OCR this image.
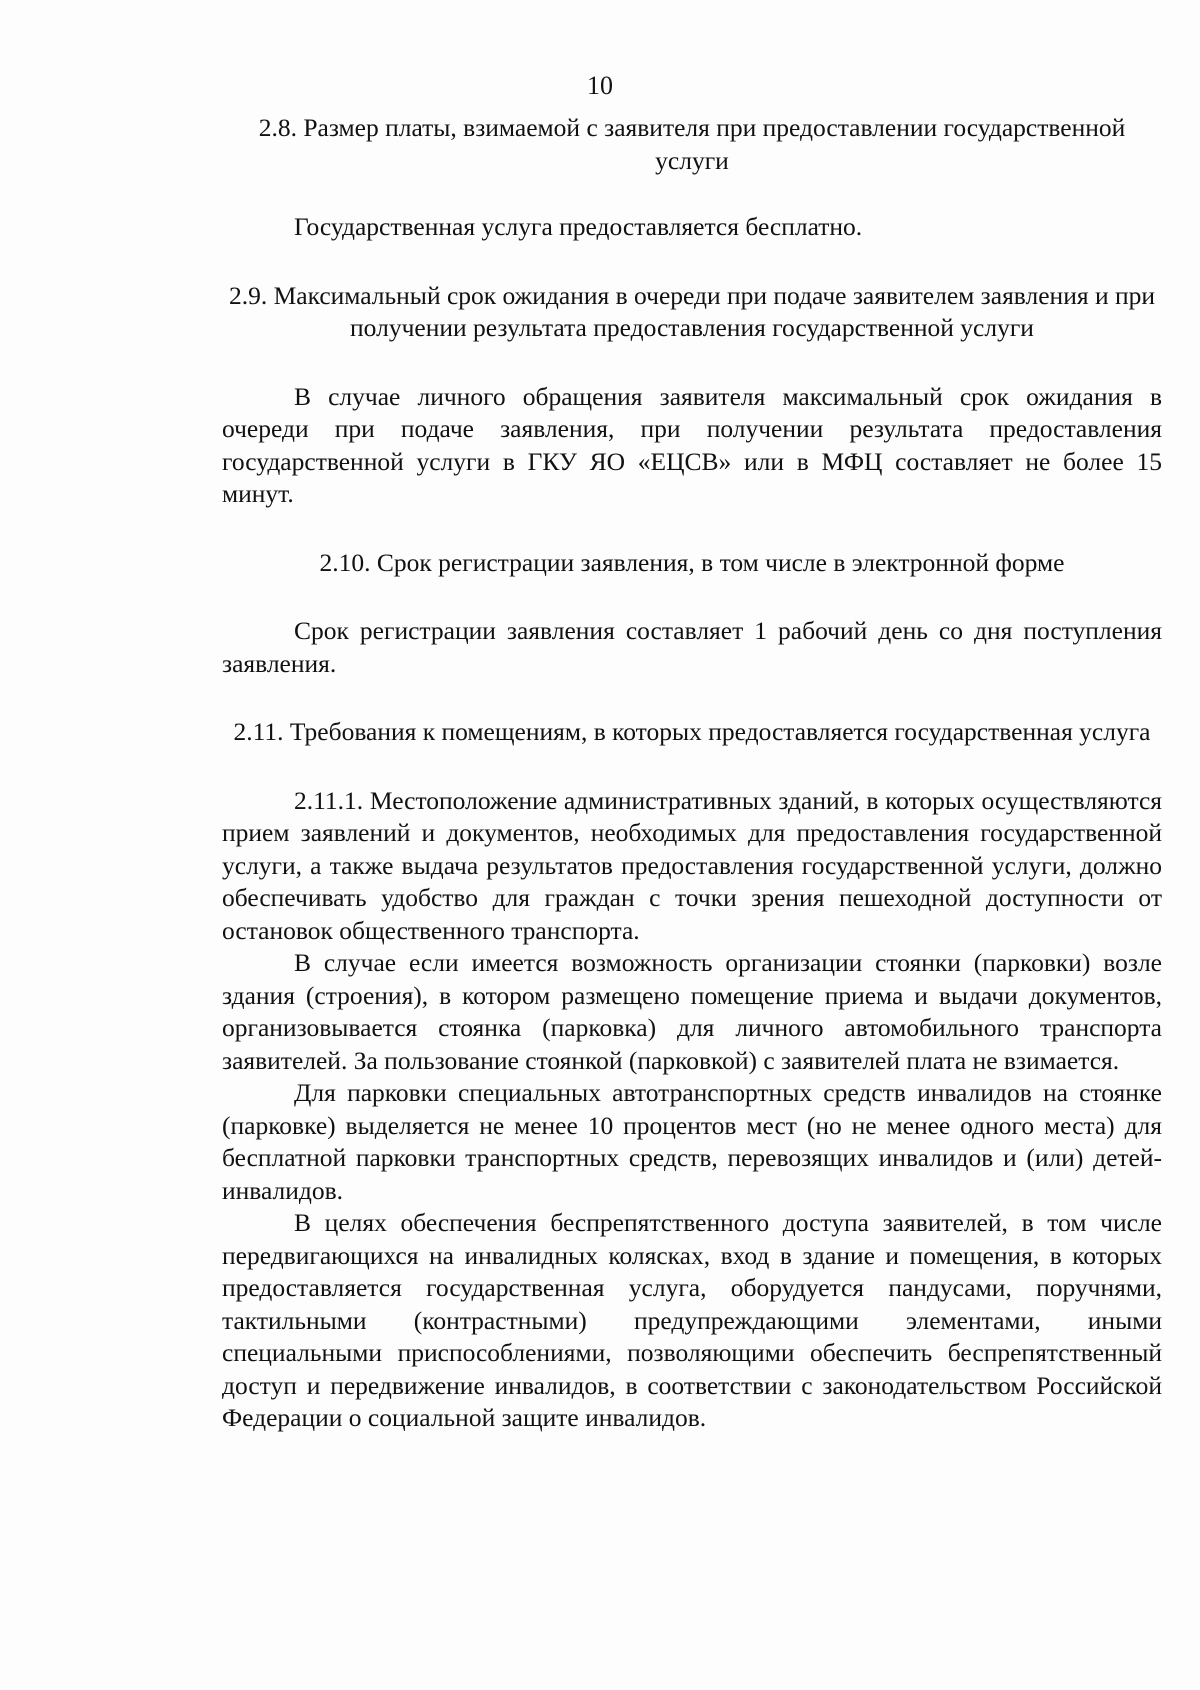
10

2.8. Размер платы, взимаемой с заявителя при предоставлении государственной услуги

Государственная услуга предоставляется бесплатно.

2.9. Максимальный срок ожидания в очереди при подаче заявителем заявления и при получении результата предоставления государственной услуги

В случае личного обращения заявителя максимальный срок ожидания в очереди при подаче заявления, при получении результата предоставления государственной услуги в ГКУ ЯО «ЕЦСВ» или в МФЦ составляет не более 15 минут.

2.10. Срок регистрации заявления, в том числе в электронной форме

Срок регистрации заявления составляет 1 рабочий день со дня поступления заявления.

2.11. Требования к помещениям, в которых предоставляется государственная услуга

2.11.1. Местоположение административных зданий, в которых осуществляются прием заявлений и документов, необходимых для предоставления государственной услуги, а также выдача результатов предоставления государственной услуги, должно обеспечивать удобство для граждан с точки зрения пешеходной доступности от остановок общественного транспорта.

В случае если имеется возможность организации стоянки (парковки) возле здания (строения), в котором размещено помещение приема и выдачи документов, организовывается стоянка (парковка) для личного автомобильного транспорта заявителей. За пользование стоянкой (парковкой) с заявителей плата не взимается.

Для парковки специальных автотранспортных средств инвалидов на стоянке (парковке) выделяется не менее 10 процентов мест (но не менее одного места) для бесплатной парковки транспортных средств, перевозящих инвалидов и (или) детей-инвалидов.

В целях обеспечения беспрепятственного доступа заявителей, в том числе передвигающихся на инвалидных колясках, вход в здание и помещения, в которых предоставляется государственная услуга, оборудуется пандусами, поручнями, тактильными (контрастными) предупреждающими элементами, иными специальными приспособлениями, позволяющими обеспечить беспрепятственный доступ и передвижение инвалидов, в соответствии с законодательством Российской Федерации о социальной защите инвалидов.
